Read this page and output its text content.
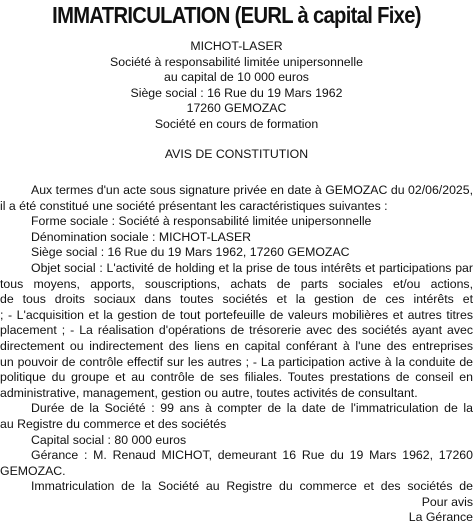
IMMATRICULATION (EURL à capital Fixe)
MICHOT-LASER
Société à responsabilité limitée unipersonnelle
au capital de 10 000 euros
Siège social : 16 Rue du 19 Mars 1962
17260 GEMOZAC
Société en cours de formation
AVIS DE CONSTITUTION
Aux termes d'un acte sous signature privée en date à GEMOZAC du 02/06/2025,
il a été constitué une société présentant les caractéristiques suivantes :
Forme sociale : Société à responsabilité limitée unipersonnelle
Dénomination sociale : MICHOT-LASER
Siège social : 16 Rue du 19 Mars 1962, 17260 GEMOZAC
Objet social : L'activité de holding et la prise de tous intérêts et participations par
tous moyens, apports, souscriptions, achats de parts sociales et/ou actions,
de tous droits sociaux dans toutes sociétés et la gestion de ces intérêts et
; - L'acquisition et la gestion de tout portefeuille de valeurs mobilières et autres titres
placement ; - La réalisation d'opérations de trésorerie avec des sociétés ayant avec
directement ou indirectement des liens en capital conférant à l'une des entreprises
un pouvoir de contrôle effectif sur les autres ; - La participation active à la conduite de
politique du groupe et au contrôle de ses filiales. Toutes prestations de conseil en
administrative, management, gestion ou autre, toutes activités de consultant.
Durée de la Société : 99 ans à compter de la date de l'immatriculation de la
au Registre du commerce et des sociétés
Capital social : 80 000 euros
Gérance : M. Renaud MICHOT, demeurant 16 Rue du 19 Mars 1962, 17260
GEMOZAC.
Immatriculation de la Société au Registre du commerce et des sociétés de
Pour avis
La Gérance
